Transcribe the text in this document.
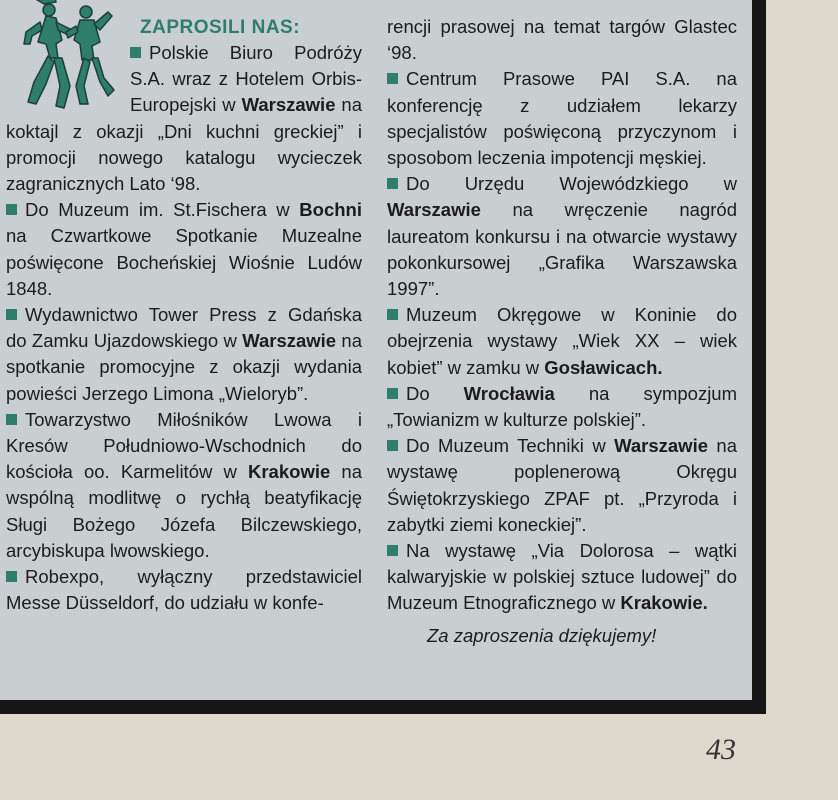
ZAPROSILI NAS:

Polskie Biuro Podróży S.A. wraz z Hotelem Orbis-Europejski w Warszawie na koktajl z okazji „Dni kuchni greckiej” i promocji nowego katalogu wycieczek zagranicznych Lato ‘98.

Do Muzeum im. St.Fischera w Bochni na Czwartkowe Spotkanie Muzealne poświęcone Bocheńskiej Wiośnie Ludów 1848.

Wydawnictwo Tower Press z Gdańska do Zamku Ujazdowskiego w Warszawie na spotkanie promocyjne z okazji wydania powieści Jerzego Limona „Wieloryb”.

Towarzystwo Miłośników Lwowa i Kresów Południowo-Wschodnich do kościoła oo. Karmelitów w Krakowie na wspólną modlitwę o rychłą beatyfikację Sługi Bożego Józefa Bilczewskiego, arcybiskupa lwowskiego.

Robexpo, wyłączny przedstawiciel Messe Düsseldorf, do udziału w konfe-

rencji prasowej na temat targów Glastec ‘98.

Centrum Prasowe PAI S.A. na konferencję z udziałem lekarzy specjalistów poświęconą przyczynom i sposobom leczenia impotencji męskiej.

Do Urzędu Wojewódzkiego w Warszawie na wręczenie nagród laureatom konkursu i na otwarcie wystawy pokonkursowej „Grafika Warszawska 1997”.

Muzeum Okręgowe w Koninie do obejrzenia wystawy „Wiek XX – wiek kobiet” w zamku w Gosławicach.

Do Wrocławia na sympozjum „Towianizm w kulturze polskiej”.

Do Muzeum Techniki w Warszawie na wystawę poplenerową Okręgu Świętokrzyskiego ZPAF pt. „Przyroda i zabytki ziemi koneckiej”.

Na wystawę „Via Dolorosa – wątki kalwaryjskie w polskiej sztuce ludowej” do Muzeum Etnograficznego w Krakowie.

Za zaproszenia dziękujemy!
43
